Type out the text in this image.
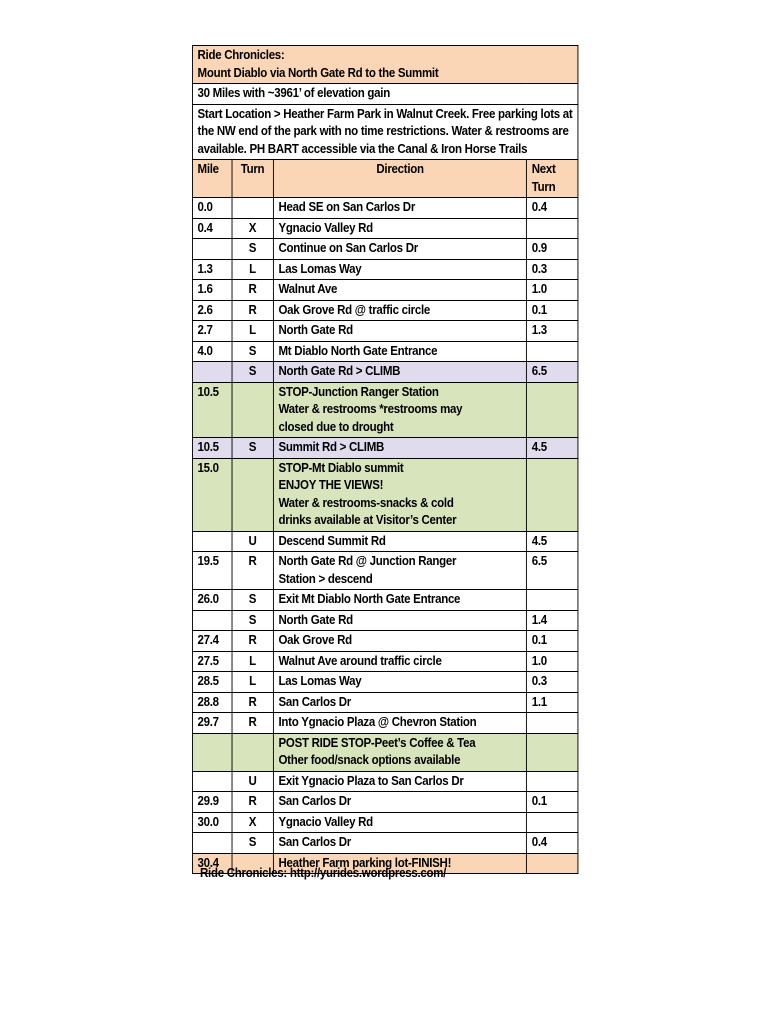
Ride Chronicles:
Mount Diablo via North Gate Rd to the Summit			

30 Miles with ~3961’ of elevation gain			
Start Location > Heather Farm Park in Walnut Creek. Free parking lots at the NW end of the park with no time restrictions. Water & restrooms are available. PH BART accessible via the Canal & Iron Horse Trails			
Mile	Turn	Direction	Next
Turn

0.0		Head SE on San Carlos Dr	0.4
0.4	X	Ygnacio Valley Rd	

	S	Continue on San Carlos Dr	0.9
1.3	L	Las Lomas Way	0.3
1.6	R	Walnut Ave	1.0
2.6	R	Oak Grove Rd @ traffic circle	0.1
2.7	L	North Gate Rd	1.3
4.0	S	Mt Diablo North Gate Entrance	

	S	North Gate Rd > CLIMB	6.5
10.5		STOP-Junction Ranger Station
Water & restrooms *restrooms may
closed due to drought	

10.5	S	Summit Rd > CLIMB	4.5
15.0		STOP-Mt Diablo summit
ENJOY THE VIEWS!
Water & restrooms-snacks & cold
drinks available at Visitor’s Center	

	U	Descend Summit Rd	4.5
19.5	R	North Gate Rd @ Junction Ranger
Station > descend	6.5
26.0	S	Exit Mt Diablo North Gate Entrance	

	S	North Gate Rd	1.4
27.4	R	Oak Grove Rd	0.1
27.5	L	Walnut Ave around traffic circle	1.0
28.5	L	Las Lomas Way	0.3
28.8	R	San Carlos Dr	1.1
29.7	R	Into Ygnacio Plaza @ Chevron Station	

		POST RIDE STOP-Peet’s Coffee & Tea
Other food/snack options available	

	U	Exit Ygnacio Plaza to San Carlos Dr	

29.9	R	San Carlos Dr	0.1
30.0	X	Ygnacio Valley Rd	

	S	San Carlos Dr	0.4
30.4		Heather Farm parking lot-FINISH!	

Ride Chronicles: http://yurides.wordpress.com/
